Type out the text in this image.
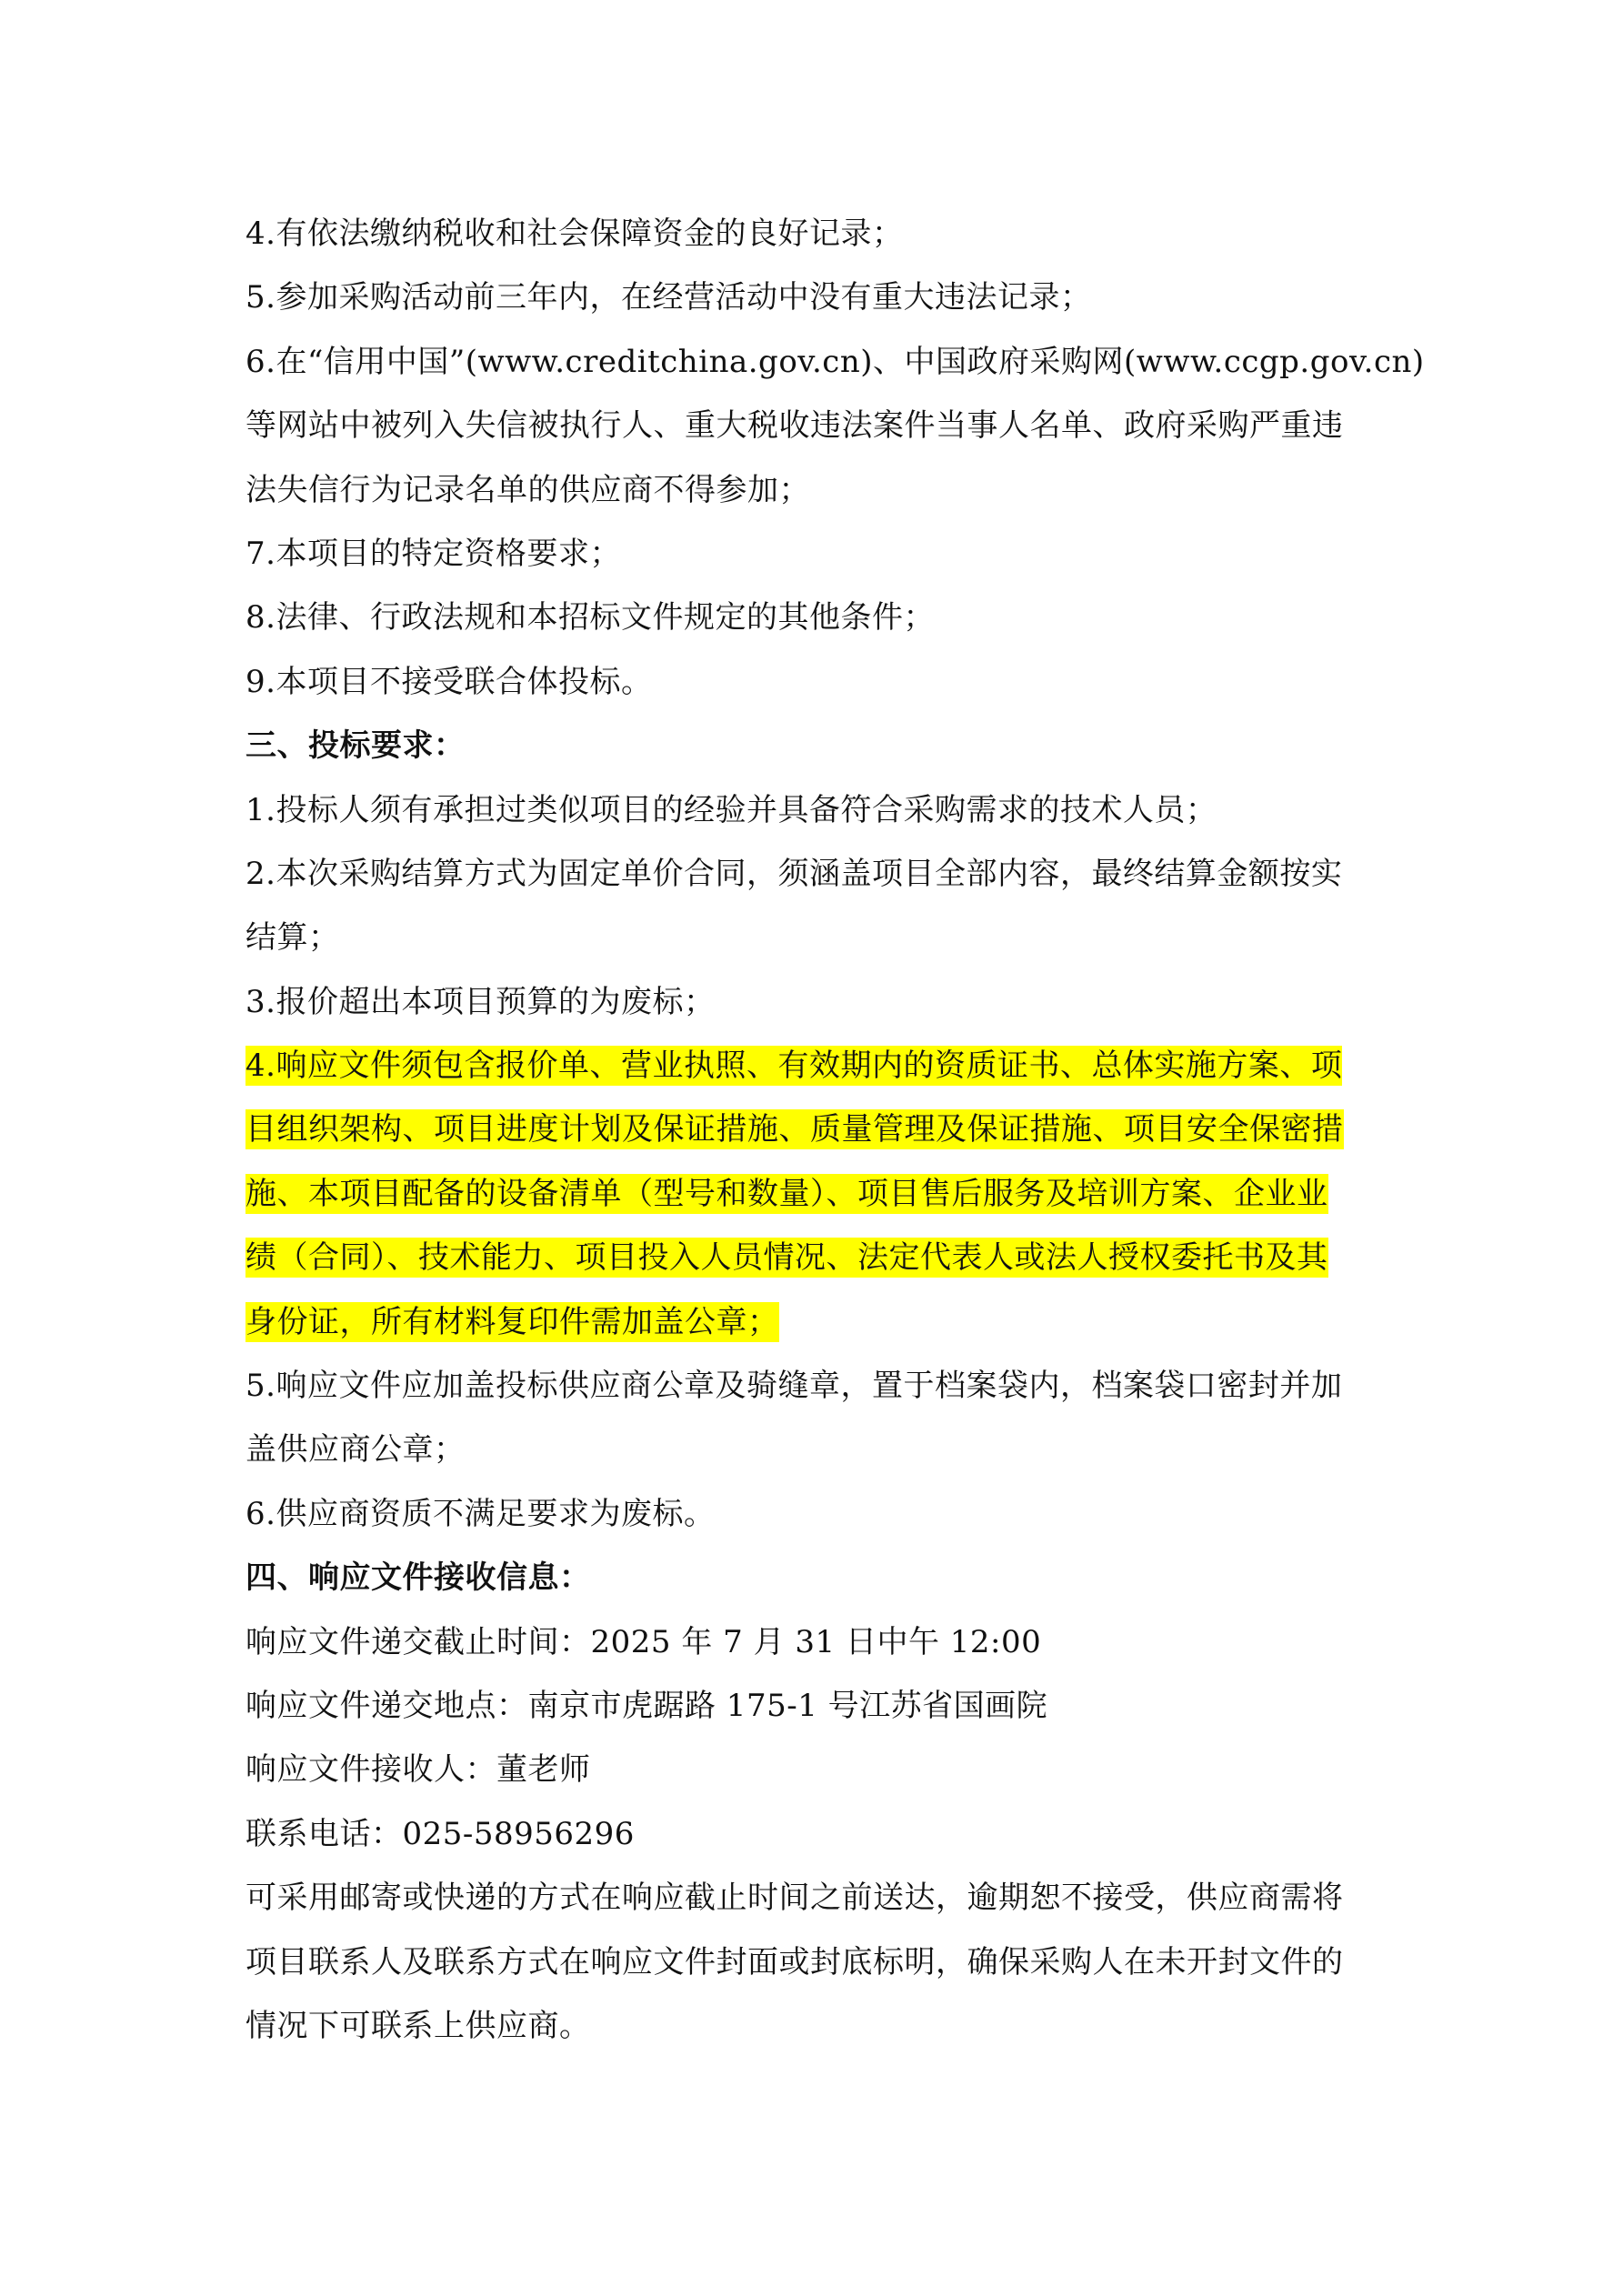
4.有依法缴纳税收和社会保障资金的良好记录；
5.参加采购活动前三年内，在经营活动中没有重大违法记录；
6.在“信用中国”(www.creditchina.gov.cn)、中国政府采购网(www.ccgp.gov.cn)
等网站中被列入失信被执行人、重大税收违法案件当事人名单、政府采购严重违
法失信行为记录名单的供应商不得参加；
7.本项目的特定资格要求；
8.法律、行政法规和本招标文件规定的其他条件；
9.本项目不接受联合体投标。
三、投标要求：
1.投标人须有承担过类似项目的经验并具备符合采购需求的技术人员；
2.本次采购结算方式为固定单价合同，须涵盖项目全部内容，最终结算金额按实
结算；
3.报价超出本项目预算的为废标；
4.响应文件须包含报价单、营业执照、有效期内的资质证书、总体实施方案、项
目组织架构、项目进度计划及保证措施、质量管理及保证措施、项目安全保密措
施、本项目配备的设备清单（型号和数量）、项目售后服务及培训方案、企业业
绩（合同）、技术能力、项目投入人员情况、法定代表人或法人授权委托书及其
身份证，所有材料复印件需加盖公章；
5.响应文件应加盖投标供应商公章及骑缝章，置于档案袋内，档案袋口密封并加
盖供应商公章；
6.供应商资质不满足要求为废标。
四、响应文件接收信息：
响应文件递交截止时间：2025 年 7 月 31 日中午 12:00
响应文件递交地点：南京市虎踞路 175-1 号江苏省国画院
响应文件接收人：董老师
联系电话：025-58956296
可采用邮寄或快递的方式在响应截止时间之前送达，逾期恕不接受，供应商需将
项目联系人及联系方式在响应文件封面或封底标明，确保采购人在未开封文件的
情况下可联系上供应商。
